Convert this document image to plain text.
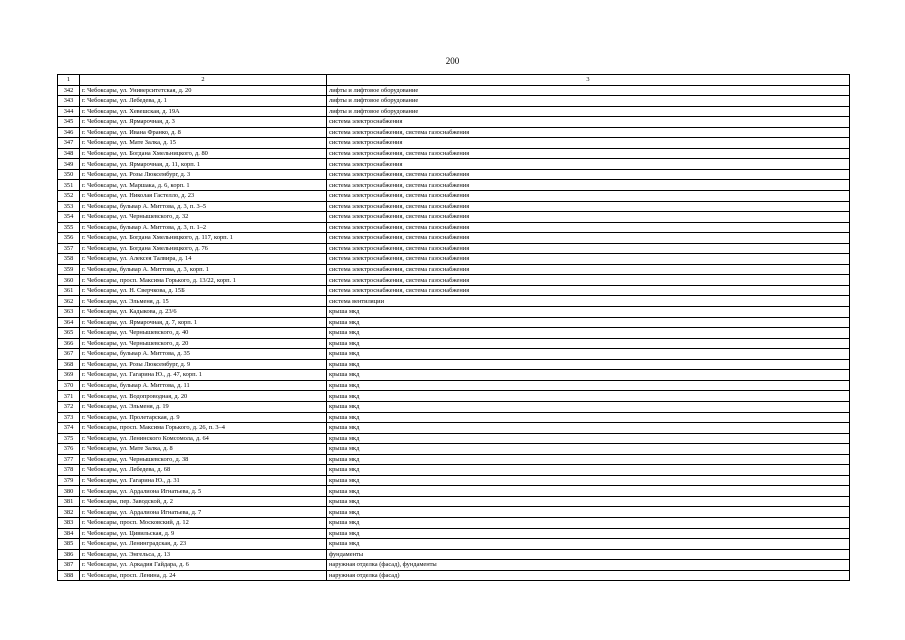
200
1	2	3
342	г. Чебоксары, ул. Университетская, д. 20	лифты и лифтовое оборудование
343	г. Чебоксары, ул. Лебедева, д. 1	лифты и лифтовое оборудование
344	г. Чебоксары, ул. Хевешская, д. 19А	лифты и лифтовое оборудование
345	г. Чебоксары, ул. Ярмарочная, д. 3	система электроснабжения
346	г. Чебоксары, ул. Ивана Франко, д. 8	система электроснабжения, система газоснабжения
347	г. Чебоксары, ул. Мате Залка, д. 15	система электроснабжения
348	г. Чебоксары, ул. Богдана Хмельницкого, д. 80	система электроснабжения, система газоснабжения
349	г. Чебоксары, ул. Ярмарочная, д. 11, корп. 1	система электроснабжения
350	г. Чебоксары, ул. Розы Люксембург, д. 3	система электроснабжения, система газоснабжения
351	г. Чебоксары, ул. Маршака, д. 6, корп. 1	система электроснабжения, система газоснабжения
352	г. Чебоксары, ул. Николая Гастелло, д. 23	система электроснабжения, система газоснабжения
353	г. Чебоксары, бульвар А. Миттова, д. 3, п. 3–5	система электроснабжения, система газоснабжения
354	г. Чебоксары, ул. Чернышевского, д. 32	система электроснабжения, система газоснабжения
355	г. Чебоксары, бульвар А. Миттова, д. 3, п. 1–2	система электроснабжения, система газоснабжения
356	г. Чебоксары, ул. Богдана Хмельницкого, д. 117, корп. 1	система электроснабжения, система газоснабжения
357	г. Чебоксары, ул. Богдана Хмельницкого, д. 76	система электроснабжения, система газоснабжения
358	г. Чебоксары, ул. Алексея Талвира, д. 14	система электроснабжения, система газоснабжения
359	г. Чебоксары, бульвар А. Миттова, д. 3, корп. 1	система электроснабжения, система газоснабжения
360	г. Чебоксары, просп. Максима Горького, д. 13/22, корп. 1	система электроснабжения, система газоснабжения
361	г. Чебоксары, ул. Н. Сверчкова, д. 15Б	система электроснабжения, система газоснабжения
362	г. Чебоксары, ул. Эльменя, д. 15	система вентиляции
363	г. Чебоксары, ул. Кадыкова, д. 23/6	крыша мкд
364	г. Чебоксары, ул. Ярмарочная, д. 7, корп. 1	крыша мкд
365	г. Чебоксары, ул. Чернышевского, д. 40	крыша мкд
366	г. Чебоксары, ул. Чернышевского, д. 20	крыша мкд
367	г. Чебоксары, бульвар А. Миттова, д. 35	крыша мкд
368	г. Чебоксары, ул. Розы Люксембург, д. 9	крыша мкд
369	г. Чебоксары, ул. Гагарина Ю., д. 47, корп. 1	крыша мкд
370	г. Чебоксары, бульвар А. Миттова, д. 11	крыша мкд
371	г. Чебоксары, ул. Водопроводная, д. 20	крыша мкд
372	г. Чебоксары, ул. Эльменя, д. 19	крыша мкд
373	г. Чебоксары, ул. Пролетарская, д. 9	крыша мкд
374	г. Чебоксары, просп. Максима Горького, д. 26, п. 3–4	крыша мкд
375	г. Чебоксары, ул. Ленинского Комсомола, д. 64	крыша мкд
376	г. Чебоксары, ул. Мате Залка, д. 8	крыша мкд
377	г. Чебоксары, ул. Чернышевского, д. 38	крыша мкд
378	г. Чебоксары, ул. Лебедева, д. 68	крыша мкд
379	г. Чебоксары, ул. Гагарина Ю., д. 31	крыша мкд
380	г. Чебоксары, ул. Ардалиона Игнатьева, д. 5	крыша мкд
381	г. Чебоксары, пер. Заводской, д. 2	крыша мкд
382	г. Чебоксары, ул. Ардалиона Игнатьева, д. 7	крыша мкд
383	г. Чебоксары, просп. Московский, д. 12	крыша мкд
384	г. Чебоксары, ул. Цивильская, д. 9	крыша мкд
385	г. Чебоксары, ул. Ленинградская, д. 23	крыша мкд
386	г. Чебоксары, ул. Энгельса, д. 13	фундаменты
387	г. Чебоксары, ул. Аркадия Гайдара, д. 6	наружная отделка (фасад), фундаменты
388	г. Чебоксары, просп. Ленина, д. 24	наружная отделка (фасад)
